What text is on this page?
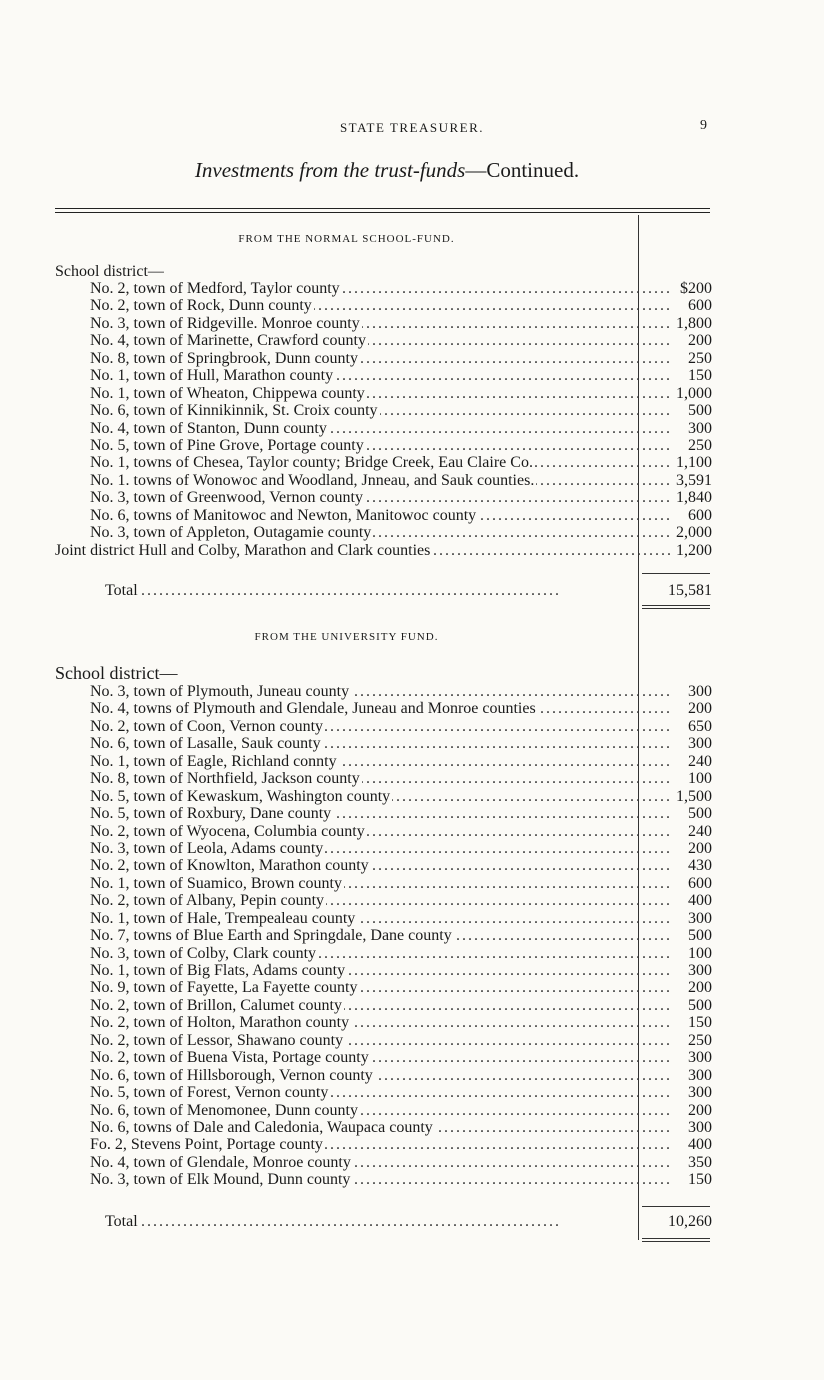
STATE TREASURER.	9
Investments from the trust-funds—Continued.
FROM THE NORMAL SCHOOL-FUND.
School district—
No. 2, town of Medford, Taylor county . . .	$200
No. 2, town of Rock, Dunn county . . .	600
No. 3, town of Ridgeville. Monroe county . . .	1,800
No. 4, town of Marinette, Crawford county . . .	200
No. 8, town of Springbrook, Dunn county . . .	250
No. 1, town of Hull, Marathon county . . .	150
No. 1, town of Wheaton, Chippewa county . . .	1,000
No. 6, town of Kinnikinnik, St. Croix county . . .	500
No. 4, town of Stanton, Dunn county . . .	300
No. 5, town of Pine Grove, Portage county . . .	250
No. 1, towns of Chesea, Taylor county; Bridge Creek, Eau Claire Co. . . .	1,100
No. 1. towns of Wonowoc and Woodland, Jnneau, and Sauk counties. . . .	3,591
No. 3, town of Greenwood, Vernon county . . .	1,840
No. 6, towns of Manitowoc and Newton, Manitowoc county . . .	600
No. 3, town of Appleton, Outagamie county . . .	2,000
Joint district Hull and Colby, Marathon and Clark counties . . .	1,200
Total . . .	15,581
FROM THE UNIVERSITY FUND.
School district—
No. 3, town of Plymouth, Juneau county . . .	300
No. 4, towns of Plymouth and Glendale, Juneau and Monroe counties . . .	200
No. 2, town of Coon, Vernon county . . .	650
No. 6, town of Lasalle, Sauk county . . .	300
No. 1, town of Eagle, Richland connty . . .	240
No. 8, town of Northfield, Jackson county . . .	100
No. 5, town of Kewaskum, Washington county . . .	1,500
No. 5, town of Roxbury, Dane county . . .	500
No. 2, town of Wyocena, Columbia county . . .	240
No. 3, town of Leola, Adams county . . .	200
No. 2, town of Knowlton, Marathon county . . .	430
No. 1, town of Suamico, Brown county . . .	600
No. 2, town of Albany, Pepin county . . .	400
No. 1, town of Hale, Trempealeau county . . .	300
No. 7, towns of Blue Earth and Springdale, Dane county . . .	500
No. 3, town of Colby, Clark county . . .	100
No. 1, town of Big Flats, Adams county . . .	300
No. 9, town of Fayette, La Fayette county . . .	200
No. 2, town of Brillon, Calumet county . . .	500
No. 2, town of Holton, Marathon county . . .	150
No. 2, town of Lessor, Shawano county . . .	250
No. 2, town of Buena Vista, Portage county . . .	300
No. 6, town of Hillsborough, Vernon county . . .	300
No. 5, town of Forest, Vernon county . . .	300
No. 6, town of Menomonee, Dunn county . . .	200
No. 6, towns of Dale and Caledonia, Waupaca county . . .	300
Fo. 2, Stevens Point, Portage county . . .	400
No. 4, town of Glendale, Monroe county . . .	350
No. 3, town of Elk Mound, Dunn county . . .	150
Total . . .	10,260
